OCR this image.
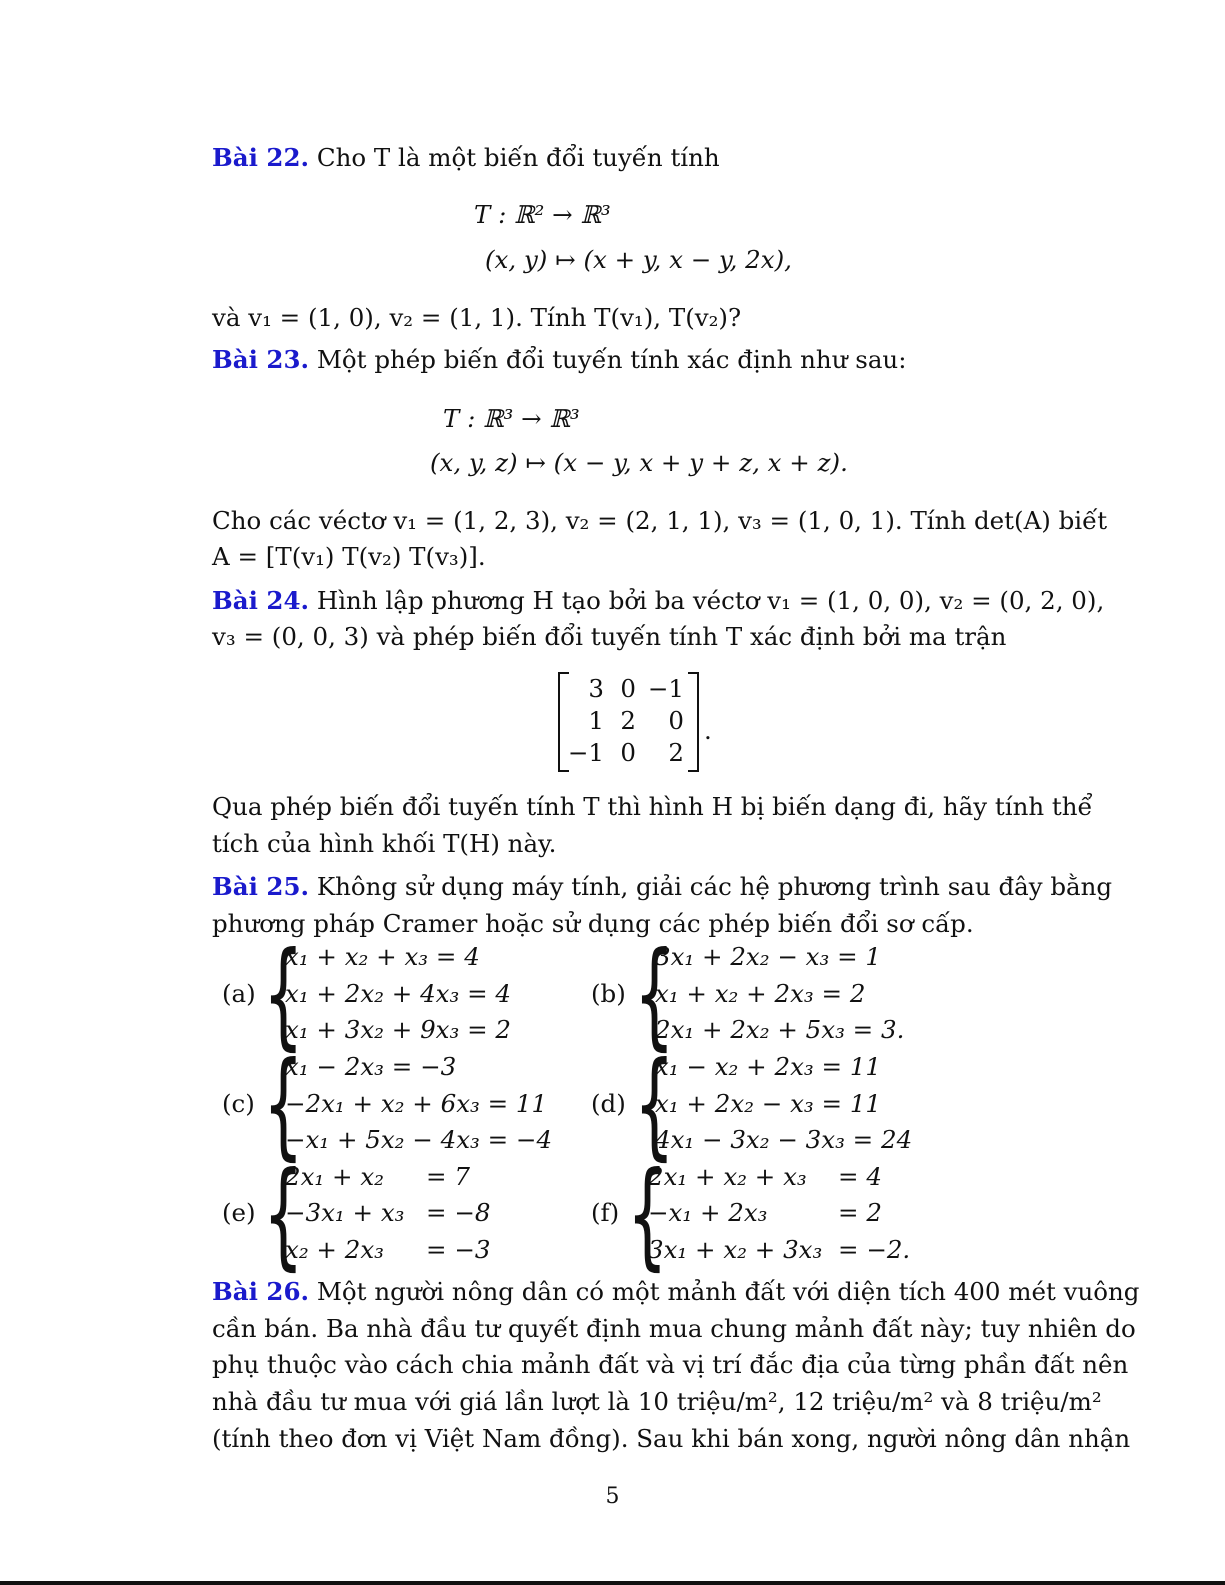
Bài 22. Cho T là một biến đổi tuyến tính
T : ℝ² → ℝ³
(x, y) ↦ (x + y, x − y, 2x),
và v₁ = (1, 0), v₂ = (1, 1). Tính T(v₁), T(v₂)?
Bài 23. Một phép biến đổi tuyến tính xác định như sau:
T : ℝ³ → ℝ³
(x, y, z) ↦ (x − y, x + y + z, x + z).
Cho các véctơ v₁ = (1, 2, 3), v₂ = (2, 1, 1), v₃ = (1, 0, 1). Tính det(A) biết
A = [T(v₁) T(v₂) T(v₃)].
Bài 24. Hình lập phương H tạo bởi ba véctơ v₁ = (1, 0, 0), v₂ = (0, 2, 0),
v₃ = (0, 0, 3) và phép biến đổi tuyến tính T xác định bởi ma trận
3 0 −1
1 2	0
−1 0	2
.
Qua phép biến đổi tuyến tính T thì hình H bị biến dạng đi, hãy tính thể
tích của hình khối T(H) này.
Bài 25. Không sử dụng máy tính, giải các hệ phương trình sau đây bằng
phương pháp Cramer hoặc sử dụng các phép biến đổi sơ cấp.
(a) {
x₁ + x₂ + x₃ = 4
x₁ + 2x₂ + 4x₃ = 4
x₁ + 3x₂ + 9x₃ = 2
(b) {
3x₁ + 2x₂ − x₃ = 1
x₁ + x₂ + 2x₃ = 2
2x₁ + 2x₂ + 5x₃ = 3.
(c) {
x₁ − 2x₃ = −3
−2x₁ + x₂ + 6x₃ = 11
−x₁ + 5x₂ − 4x₃ = −4
(d) {
x₁ − x₂ + 2x₃ = 11
x₁ + 2x₂ − x₃ = 11
4x₁ − 3x₂ − 3x₃ = 24
(e) {
2x₁ + x₂ = 7
−3x₁ + x₃ = −8
x₂ + 2x₃ = −3
(f) {
2x₁ + x₂ + x₃ = 4
−x₁ + 2x₃	= 2
3x₁ + x₂ + 3x₃ = −2.
Bài 26. Một người nông dân có một mảnh đất với diện tích 400 mét vuông
cần bán. Ba nhà đầu tư quyết định mua chung mảnh đất này; tuy nhiên do
phụ thuộc vào cách chia mảnh đất và vị trí đắc địa của từng phần đất nên
nhà đầu tư mua với giá lần lượt là 10 triệu/m², 12 triệu/m² và 8 triệu/m²
(tính theo đơn vị Việt Nam đồng). Sau khi bán xong, người nông dân nhận
5
